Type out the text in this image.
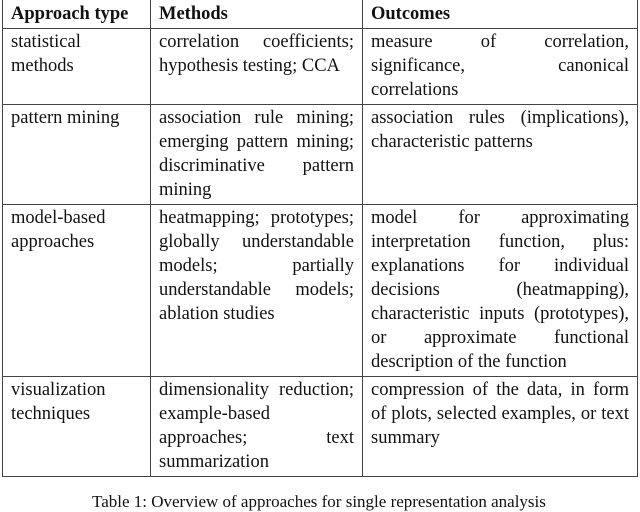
Approach type	Methods	Outcomes
statistical methods	correlation coefficients; hypothesis testing; CCA	measure of correlation, significance, canonical correlations
pattern mining	association rule mining; emerging pattern mining; discriminative pattern mining	association rules (implications), characteristic patterns
model-based approaches	heatmapping; prototypes; globally understandable models; partially understandable models; ablation studies	model for approximating interpretation function, plus: explanations for individual decisions (heatmapping), characteristic inputs (prototypes), or approximate functional description of the function
visualization techniques	dimensionality reduction; example-based approaches; text summarization	compression of the data, in form of plots, selected examples, or text summary
Table 1: Overview of approaches for single representation analysis
